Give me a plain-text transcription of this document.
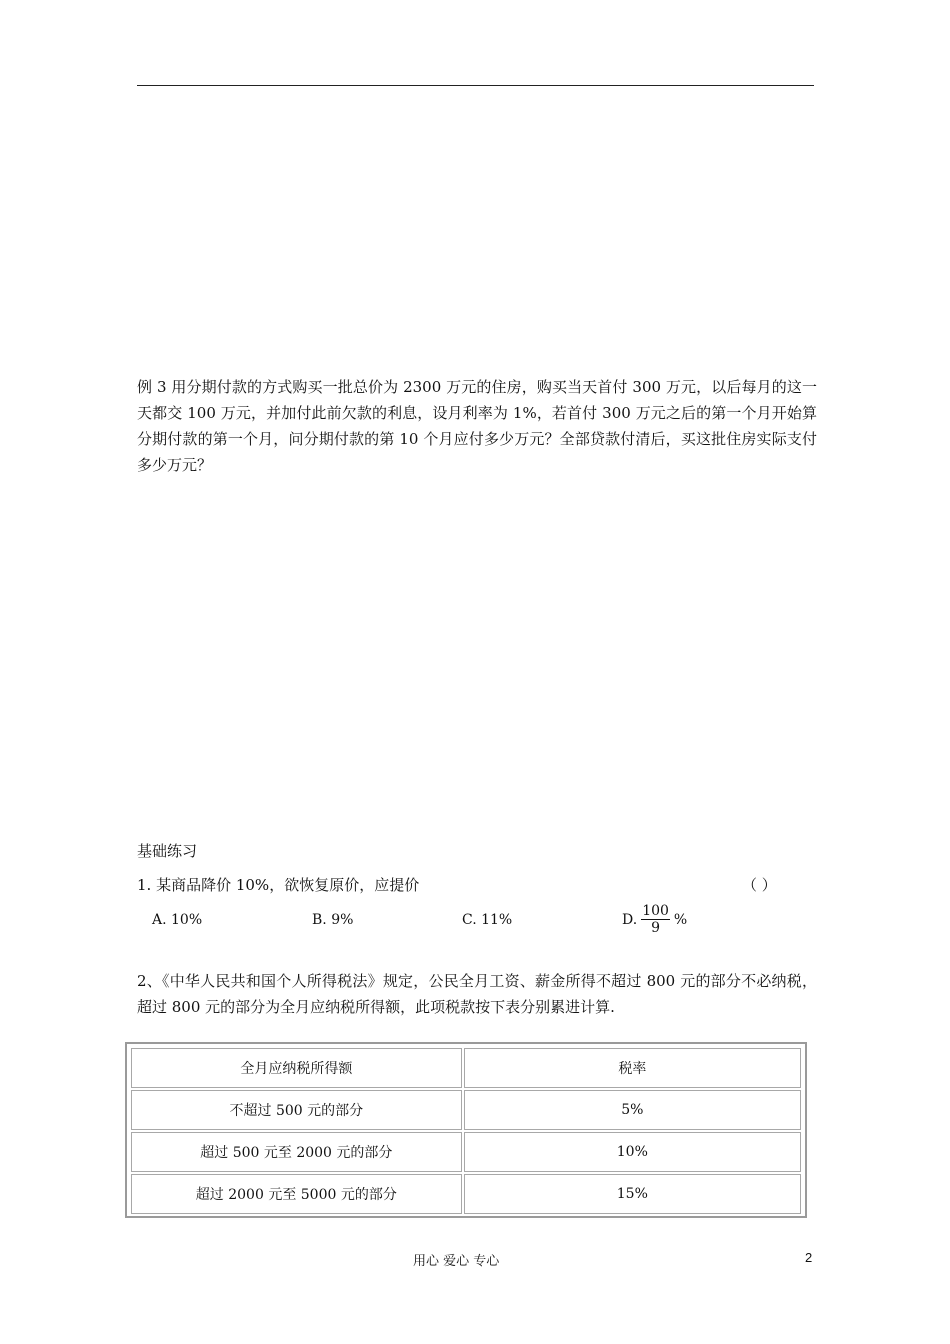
例 3 用分期付款的方式购买一批总价为 2300 万元的住房，购买当天首付 300 万元，以后每月的这一天都交 100 万元，并加付此前欠款的利息，设月利率为 1%，若首付 300 万元之后的第一个月开始算分期付款的第一个月，问分期付款的第 10 个月应付多少万元？全部贷款付清后，买这批住房实际支付多少万元？

基础练习
1. 某商品降价 10%，欲恢复原价，应提价	（ ）
A. 10%	B. 9%	C. 11%	D. $\frac{100}{9}$ %

2、《中华人民共和国个人所得税法》规定，公民全月工资、薪金所得不超过 800 元的部分不必纳税，超过 800 元的部分为全月应纳税所得额，此项税款按下表分别累进计算.

全月应纳税所得额	税率
不超过 500 元的部分	5%
超过 500 元至 2000 元的部分	10%
超过 2000 元至 5000 元的部分	15%
用心 爱心 专心	2
